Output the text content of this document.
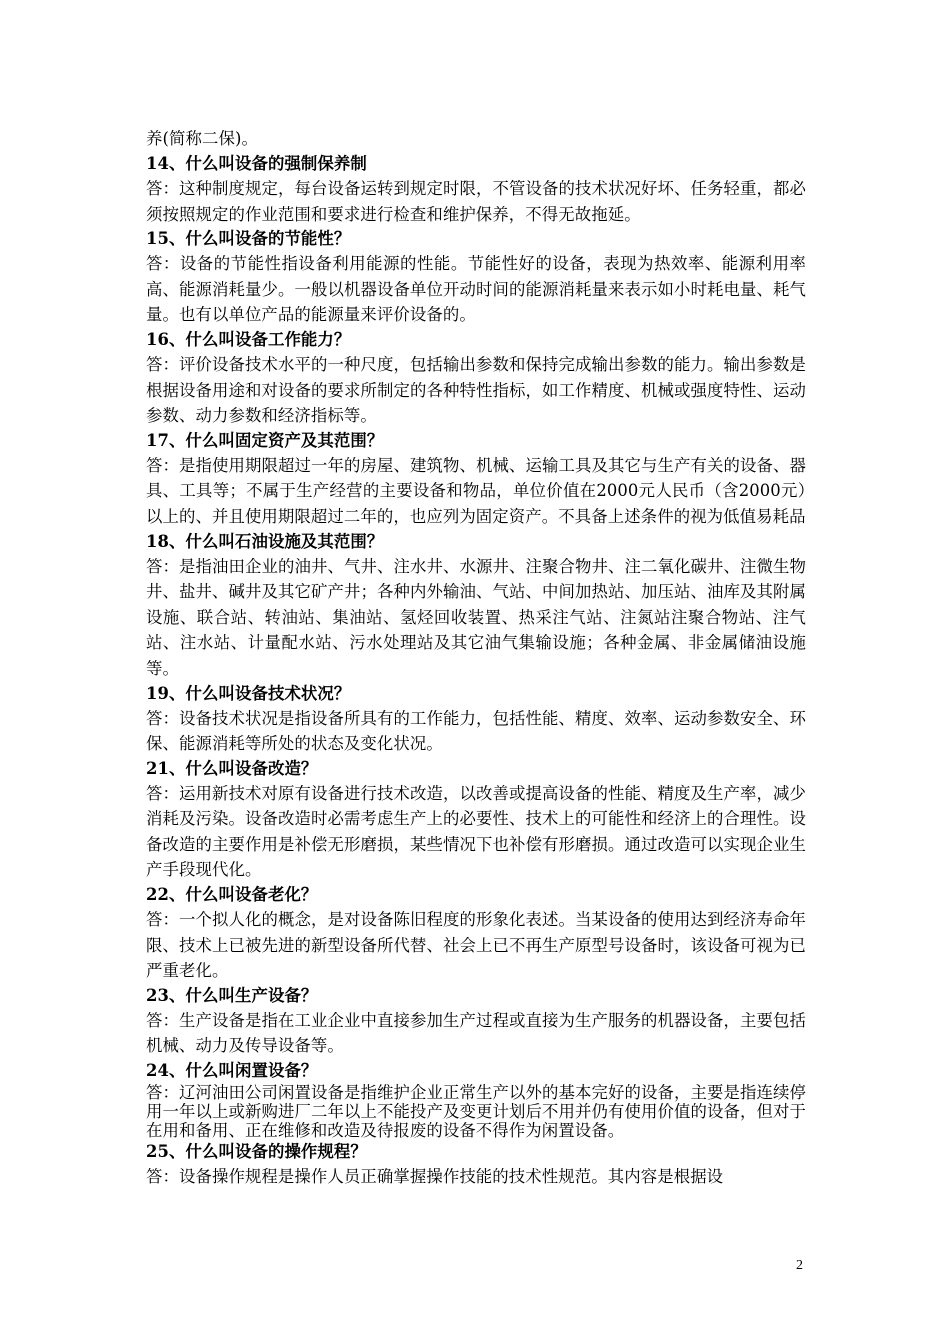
养(简称二保)。
14、什么叫设备的强制保养制
答：这种制度规定，每台设备运转到规定时限，不管设备的技术状况好坏、任务轻重，都必须按照规定的作业范围和要求进行检查和维护保养，不得无故拖延。
15、什么叫设备的节能性？
答：设备的节能性指设备利用能源的性能。节能性好的设备，表现为热效率、能源利用率高、能源消耗量少。一般以机器设备单位开动时间的能源消耗量来表示如小时耗电量、耗气量。也有以单位产品的能源量来评价设备的。
16、什么叫设备工作能力？
答：评价设备技术水平的一种尺度，包括输出参数和保持完成输出参数的能力。输出参数是根据设备用途和对设备的要求所制定的各种特性指标，如工作精度、机械或强度特性、运动参数、动力参数和经济指标等。
17、什么叫固定资产及其范围？
答：是指使用期限超过一年的房屋、建筑物、机械、运输工具及其它与生产有关的设备、器具、工具等；不属于生产经营的主要设备和物品，单位价值在2000元人民币（含2000元）以上的、并且使用期限超过二年的，也应列为固定资产。不具备上述条件的视为低值易耗品
18、什么叫石油设施及其范围？
答：是指油田企业的油井、气井、注水井、水源井、注聚合物井、注二氧化碳井、注微生物井、盐井、碱井及其它矿产井；各种内外输油、气站、中间加热站、加压站、油库及其附属设施、联合站、转油站、集油站、氢烃回收装置、热采注气站、注氮站注聚合物站、注气站、注水站、计量配水站、污水处理站及其它油气集输设施；各种金属、非金属储油设施等。
19、什么叫设备技术状况？
答：设备技术状况是指设备所具有的工作能力，包括性能、精度、效率、运动参数安全、环保、能源消耗等所处的状态及变化状况。
21、什么叫设备改造？
答：运用新技术对原有设备进行技术改造，以改善或提高设备的性能、精度及生产率，减少消耗及污染。设备改造时必需考虑生产上的必要性、技术上的可能性和经济上的合理性。设备改造的主要作用是补偿无形磨损，某些情况下也补偿有形磨损。通过改造可以实现企业生产手段现代化。
22、什么叫设备老化？
答：一个拟人化的概念，是对设备陈旧程度的形象化表述。当某设备的使用达到经济寿命年限、技术上已被先进的新型设备所代替、社会上已不再生产原型号设备时，该设备可视为已严重老化。
23、什么叫生产设备？
答：生产设备是指在工业企业中直接参加生产过程或直接为生产服务的机器设备，主要包括机械、动力及传导设备等。
24、什么叫闲置设备？
答：辽河油田公司闲置设备是指维护企业正常生产以外的基本完好的设备，主要是指连续停用一年以上或新购进厂二年以上不能投产及变更计划后不用并仍有使用价值的设备，但对于在用和备用、正在维修和改造及待报废的设备不得作为闲置设备。
25、什么叫设备的操作规程？
答：设备操作规程是操作人员正确掌握操作技能的技术性规范。其内容是根据设
2
